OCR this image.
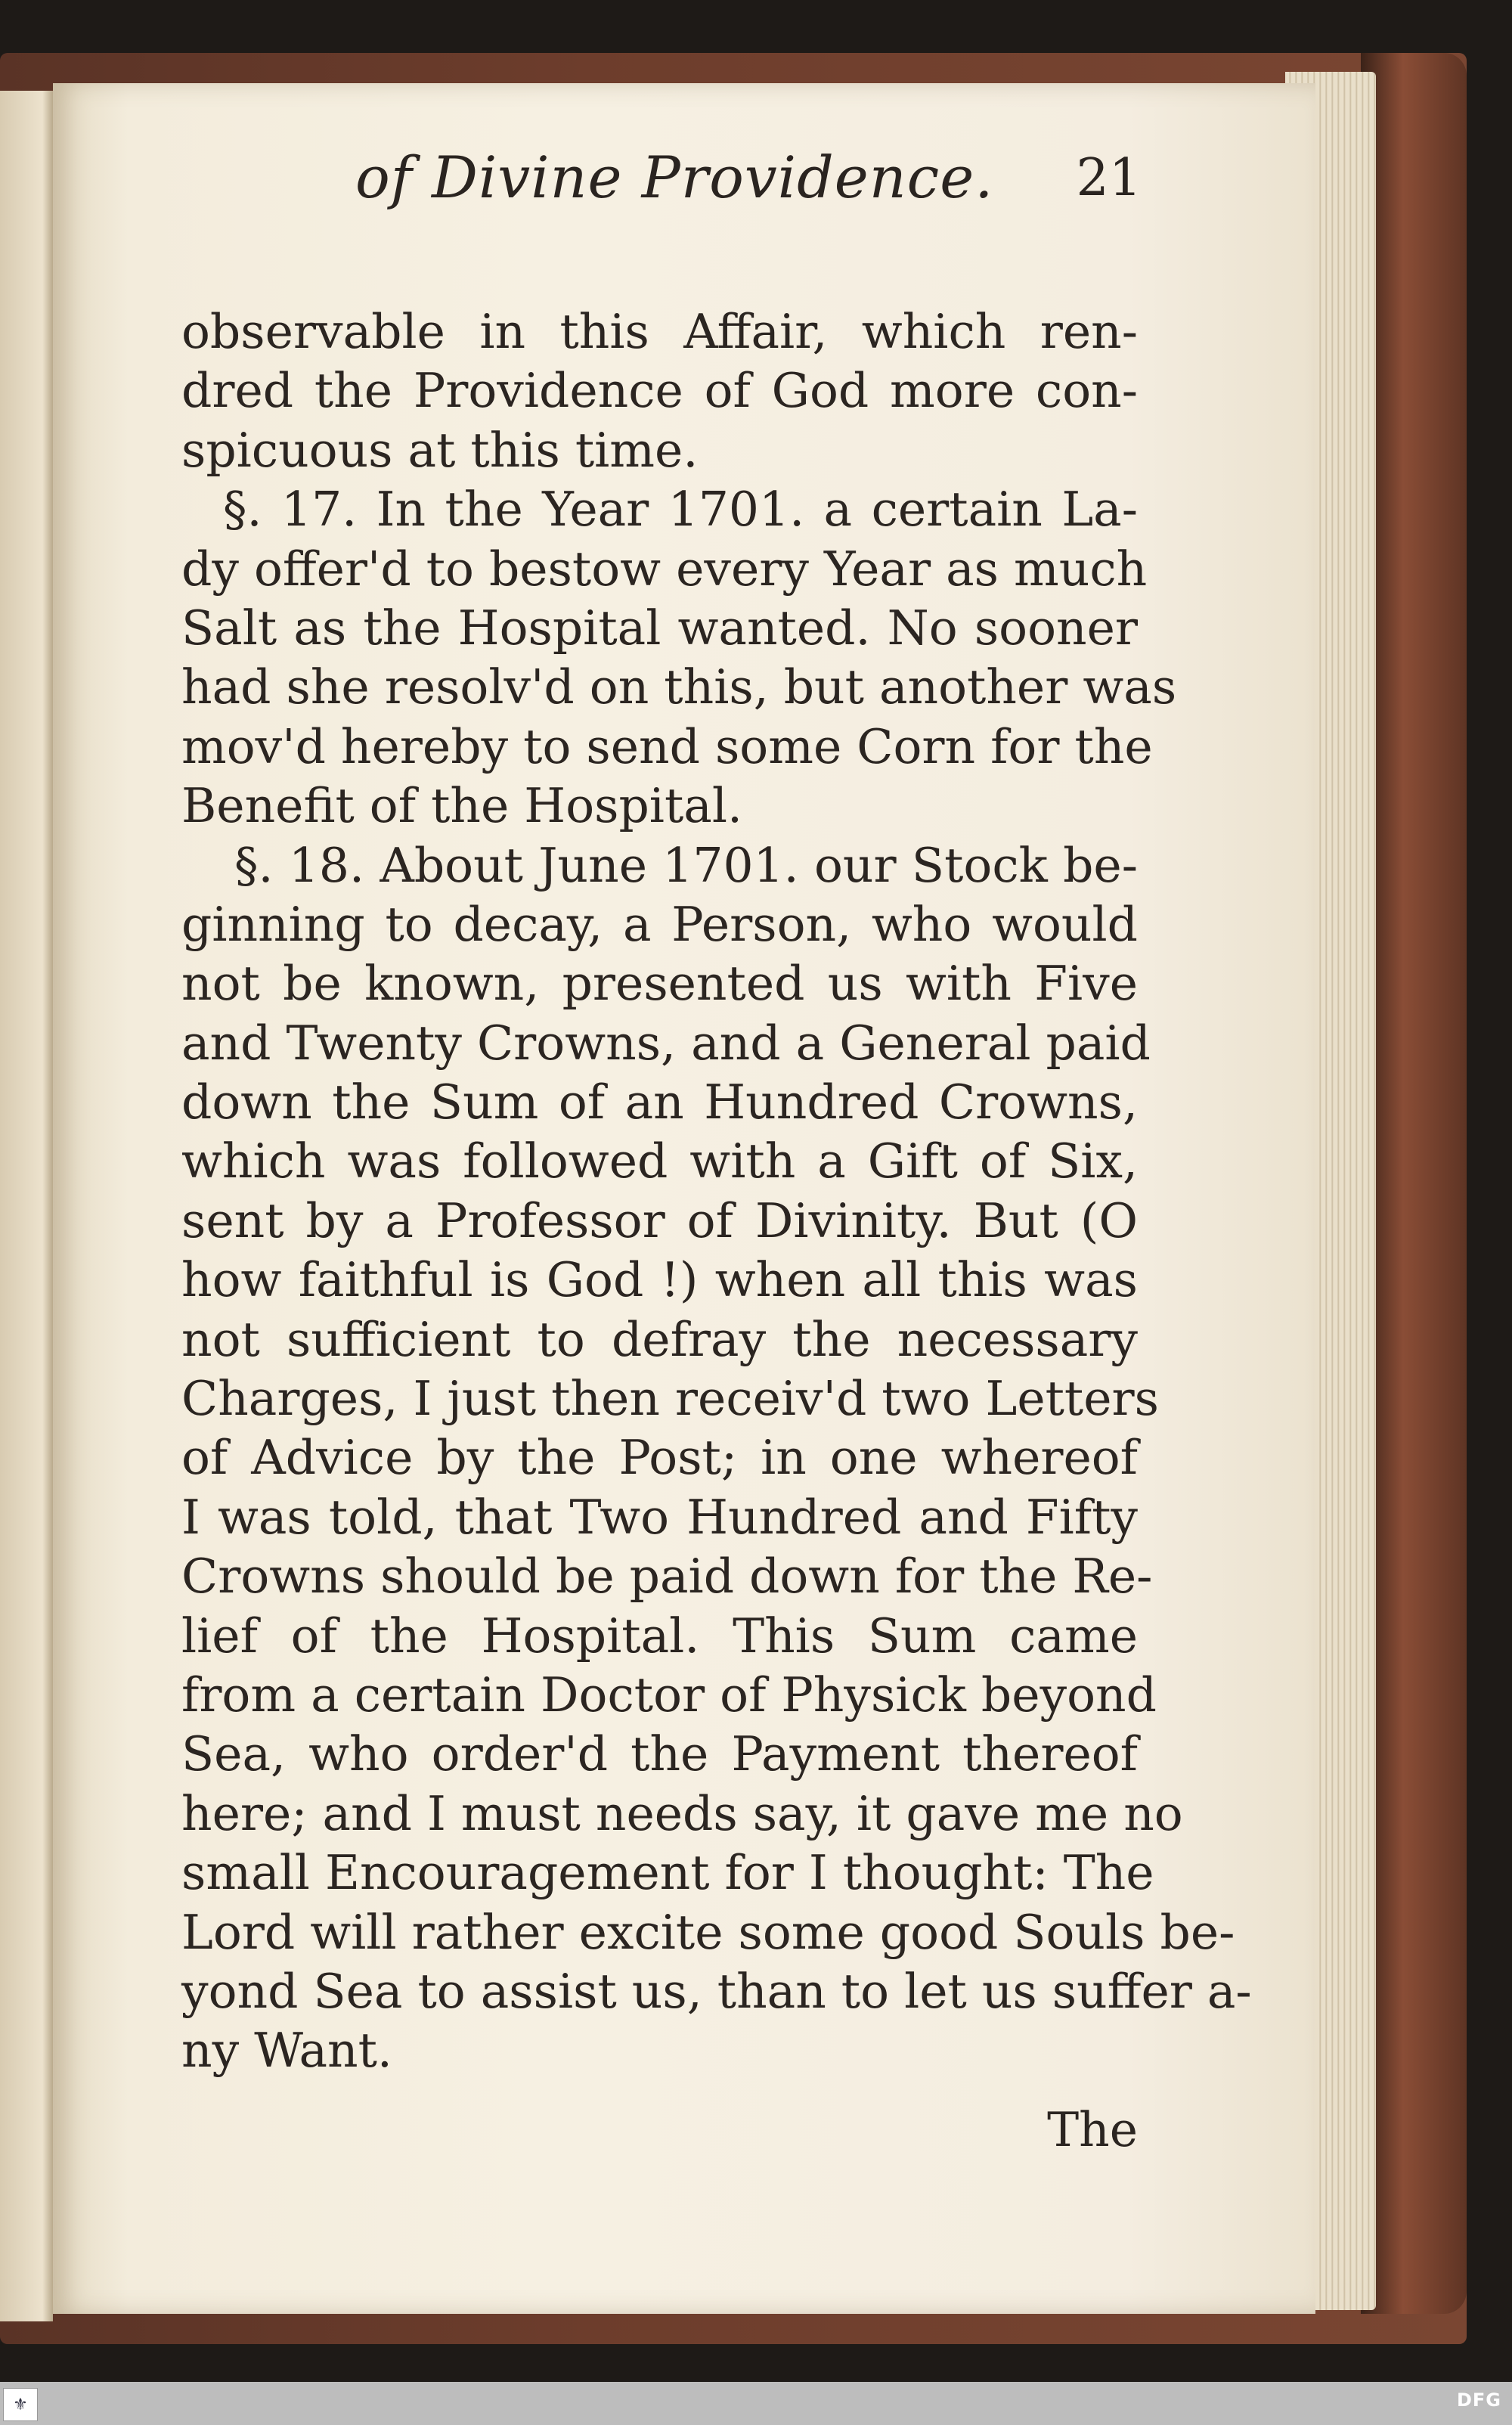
of Divine Providence. 21
observable in this Affair, which ren-
dred the Providence of God more con-
spicuous at this time.
§. 17. In the Year 1701. a certain La-
dy offer'd to bestow every Year as much
Salt as the Hospital wanted. No sooner
had she resolv'd on this, but another was
mov'd hereby to send some Corn for the
Benefit of the Hospital.
§. 18. About June 1701. our Stock be-
ginning to decay, a Person, who would
not be known, presented us with Five
and Twenty Crowns, and a General paid
down the Sum of an Hundred Crowns,
which was followed with a Gift of Six,
sent by a Professor of Divinity. But (O
how faithful is God !) when all this was
not sufficient to defray the necessary
Charges, I just then receiv'd two Letters
of Advice by the Post; in one whereof
I was told, that Two Hundred and Fifty
Crowns should be paid down for the Re-
lief of the Hospital. This Sum came
from a certain Doctor of Physick beyond
Sea, who order'd the Payment thereof
here; and I must needs say, it gave me no
small Encouragement for I thought: The
Lord will rather excite some good Souls be-
yond Sea to assist us, than to let us suffer a-
ny Want.
The
⚜	DFG
